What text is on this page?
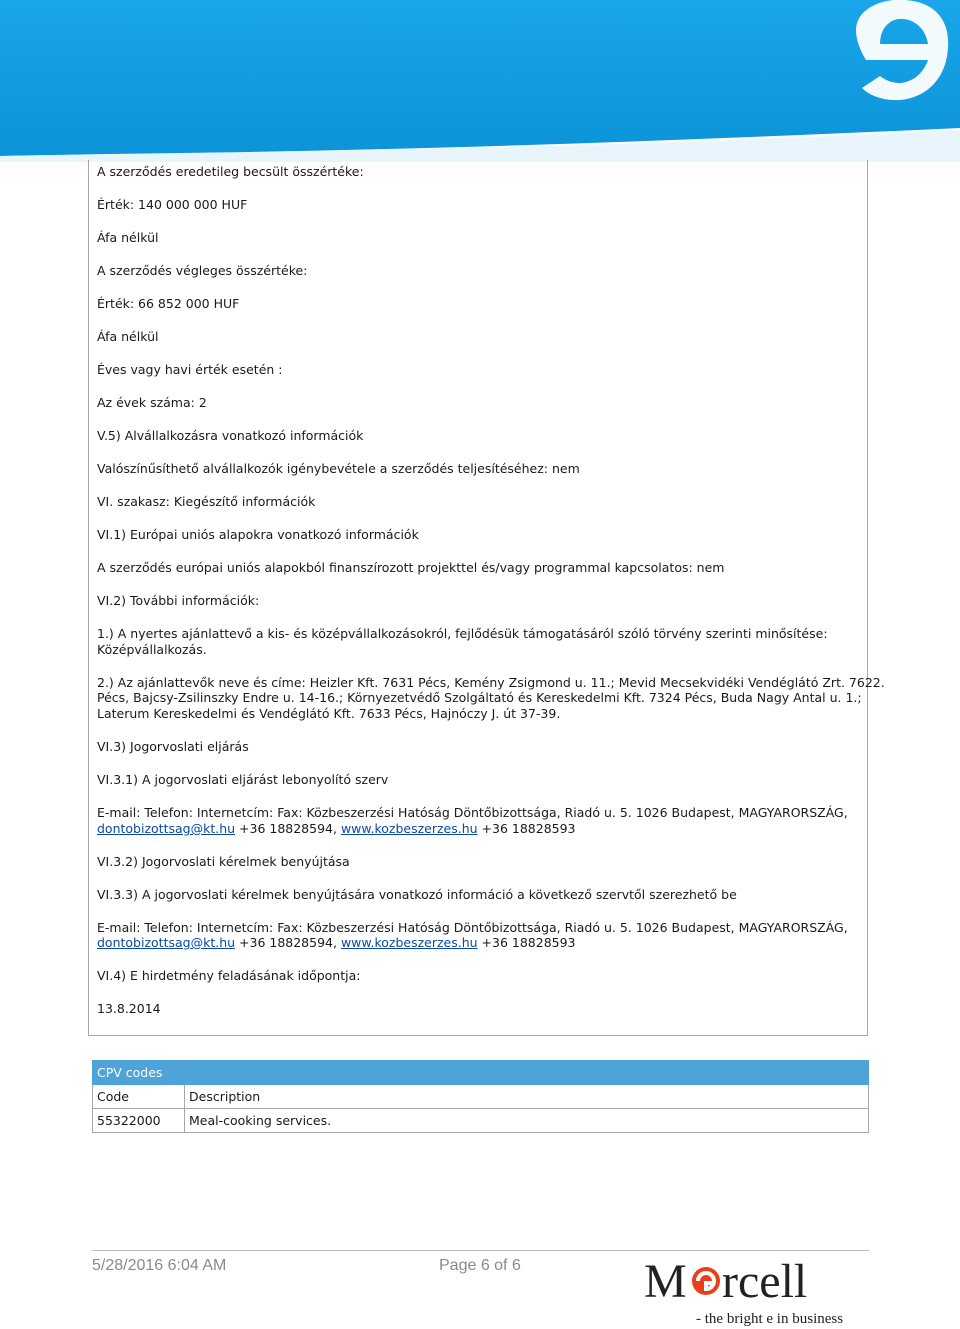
A szerződés eredetileg becsült összértéke:
Érték: 140 000 000 HUF
Áfa nélkül
A szerződés végleges összértéke:
Érték: 66 852 000 HUF
Áfa nélkül
Éves vagy havi érték esetén :
Az évek száma: 2
V.5) Alvállalkozásra vonatkozó információk
Valószínűsíthető alvállalkozók igénybevétele a szerződés teljesítéséhez: nem
VI. szakasz: Kiegészítő információk
VI.1) Európai uniós alapokra vonatkozó információk
A szerződés európai uniós alapokból finanszírozott projekttel és/vagy programmal kapcsolatos: nem
VI.2) További információk:
1.) A nyertes ajánlattevő a kis- és középvállalkozásokról, fejlődésük támogatásáról szóló törvény szerinti minősítése:
Középvállalkozás.
2.) Az ajánlattevők neve és címe: Heizler Kft. 7631 Pécs, Kemény Zsigmond u. 11.; Mevid Mecsekvidéki Vendéglátó Zrt. 7622.
Pécs, Bajcsy-Zsilinszky Endre u. 14-16.; Környezetvédő Szolgáltató és Kereskedelmi Kft. 7324 Pécs, Buda Nagy Antal u. 1.;
Laterum Kereskedelmi és Vendéglátó Kft. 7633 Pécs, Hajnóczy J. út 37-39.
VI.3) Jogorvoslati eljárás
VI.3.1) A jogorvoslati eljárást lebonyolító szerv
E-mail: Telefon: Internetcím: Fax: Közbeszerzési Hatóság Döntőbizottsága, Riadó u. 5. 1026 Budapest, MAGYARORSZÁG,
dontobizottsag@kt.hu +36 18828594, www.kozbeszerzes.hu +36 18828593
VI.3.2) Jogorvoslati kérelmek benyújtása
VI.3.3) A jogorvoslati kérelmek benyújtására vonatkozó információ a következő szervtől szerezhető be
E-mail: Telefon: Internetcím: Fax: Közbeszerzési Hatóság Döntőbizottsága, Riadó u. 5. 1026 Budapest, MAGYARORSZÁG,
dontobizottsag@kt.hu +36 18828594, www.kozbeszerzes.hu +36 18828593
VI.4) E hirdetmény feladásának időpontja:
13.8.2014
CPV codes	
Code	Description
55322000	Meal-cooking services.
5/28/2016 6:04 AM	Page 6 of 6	M rcell
- the bright e in business
